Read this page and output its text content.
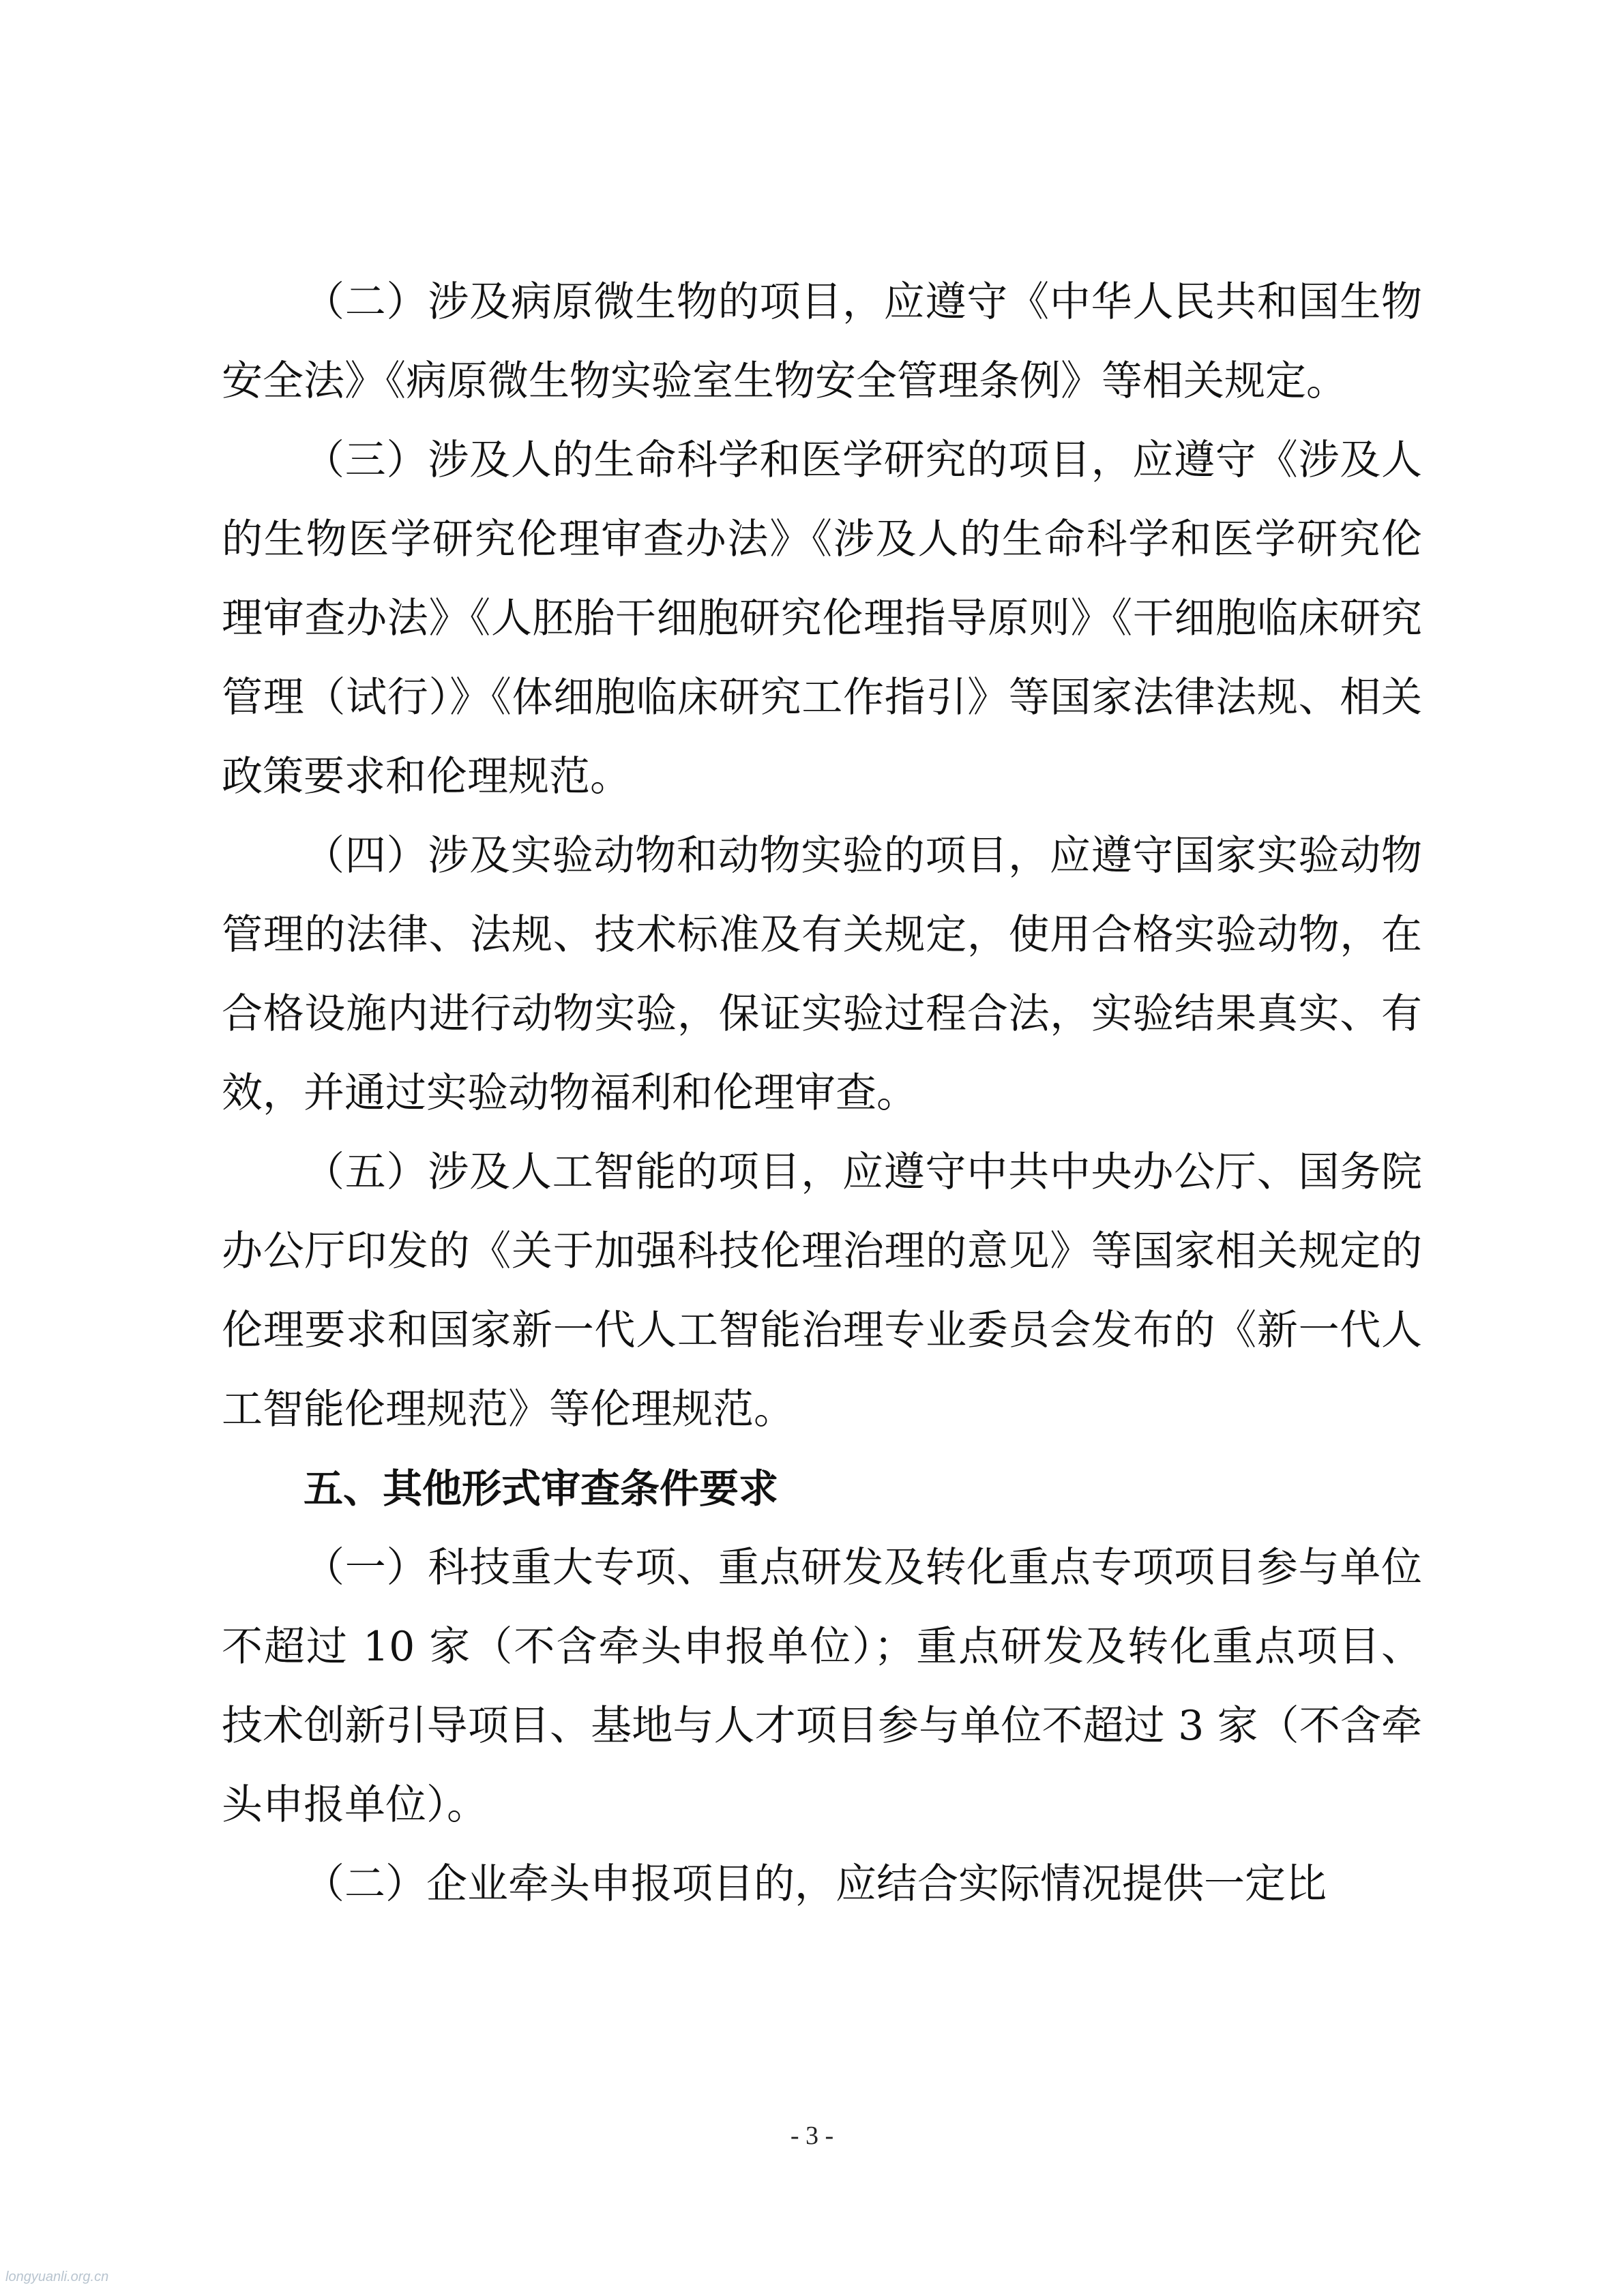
（二）涉及病原微生物的项目，应遵守《中华人民共和国生物安全法》《病原微生物实验室生物安全管理条例》等相关规定。

（三）涉及人的生命科学和医学研究的项目，应遵守《涉及人的生物医学研究伦理审查办法》《涉及人的生命科学和医学研究伦理审查办法》《人胚胎干细胞研究伦理指导原则》《干细胞临床研究管理（试行）》《体细胞临床研究工作指引》等国家法律法规、相关政策要求和伦理规范。

（四）涉及实验动物和动物实验的项目，应遵守国家实验动物管理的法律、法规、技术标准及有关规定，使用合格实验动物，在合格设施内进行动物实验，保证实验过程合法，实验结果真实、有效，并通过实验动物福利和伦理审查。

（五）涉及人工智能的项目，应遵守中共中央办公厅、国务院办公厅印发的《关于加强科技伦理治理的意见》等国家相关规定的伦理要求和国家新一代人工智能治理专业委员会发布的《新一代人工智能伦理规范》等伦理规范。

五、其他形式审查条件要求

（一）科技重大专项、重点研发及转化重点专项项目参与单位不超过 10 家（不含牵头申报单位）；重点研发及转化重点项目、技术创新引导项目、基地与人才项目参与单位不超过 3 家（不含牵头申报单位）。

（二）企业牵头申报项目的，应结合实际情况提供一定比

- 3 -
longyuanli.org.cn
